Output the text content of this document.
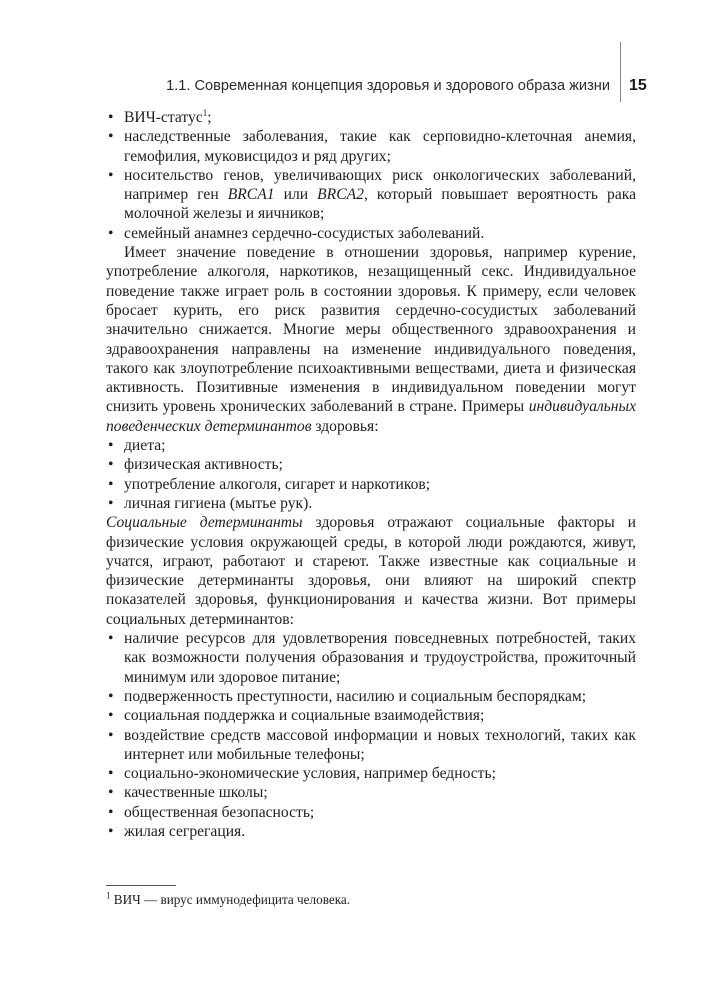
1.1. Современная концепция здоровья и здорового образа жизни 15
• ВИЧ-статус$^1$;
• наследственные заболевания, такие как серповидно-клеточная анемия, гемофилия, муковисцидоз и ряд других;
• носительство генов, увеличивающих риск онкологических заболеваний, например ген BRCA1 или BRCA2, который повышает вероятность рака молочной железы и яичников;
• семейный анамнез сердечно-сосудистых заболеваний.

Имеет значение поведение в отношении здоровья, например курение, употребление алкоголя, наркотиков, незащищенный секс. Индивидуальное поведение также играет роль в состоянии здоровья. К примеру, если человек бросает курить, его риск развития сердечно-сосудистых заболеваний значительно снижается. Многие меры общественного здравоохранения и здравоохранения направлены на изменение индивидуального поведения, такого как злоупотребление психоактивными веществами, диета и физическая активность. Позитивные изменения в индивидуальном поведении могут снизить уровень хронических заболеваний в стране. Примеры индивидуальных поведенческих детерминантов здоровья:

• диета;
• физическая активность;
• употребление алкоголя, сигарет и наркотиков;
• личная гигиена (мытье рук).

Социальные детерминанты здоровья отражают социальные факторы и физические условия окружающей среды, в которой люди рождаются, живут, учатся, играют, работают и стареют. Также известные как социальные и физические детерминанты здоровья, они влияют на широкий спектр показателей здоровья, функционирования и качества жизни. Вот примеры социальных детерминантов:

• наличие ресурсов для удовлетворения повседневных потребностей, таких как возможности получения образования и трудоустройства, прожиточный минимум или здоровое питание;
• подверженность преступности, насилию и социальным беспорядкам;
• социальная поддержка и социальные взаимодействия;
• воздействие средств массовой информации и новых технологий, таких как интернет или мобильные телефоны;
• социально-экономические условия, например бедность;
• качественные школы;
• общественная безопасность;
• жилая сегрегация.
$^1$ ВИЧ — вирус иммунодефицита человека.
